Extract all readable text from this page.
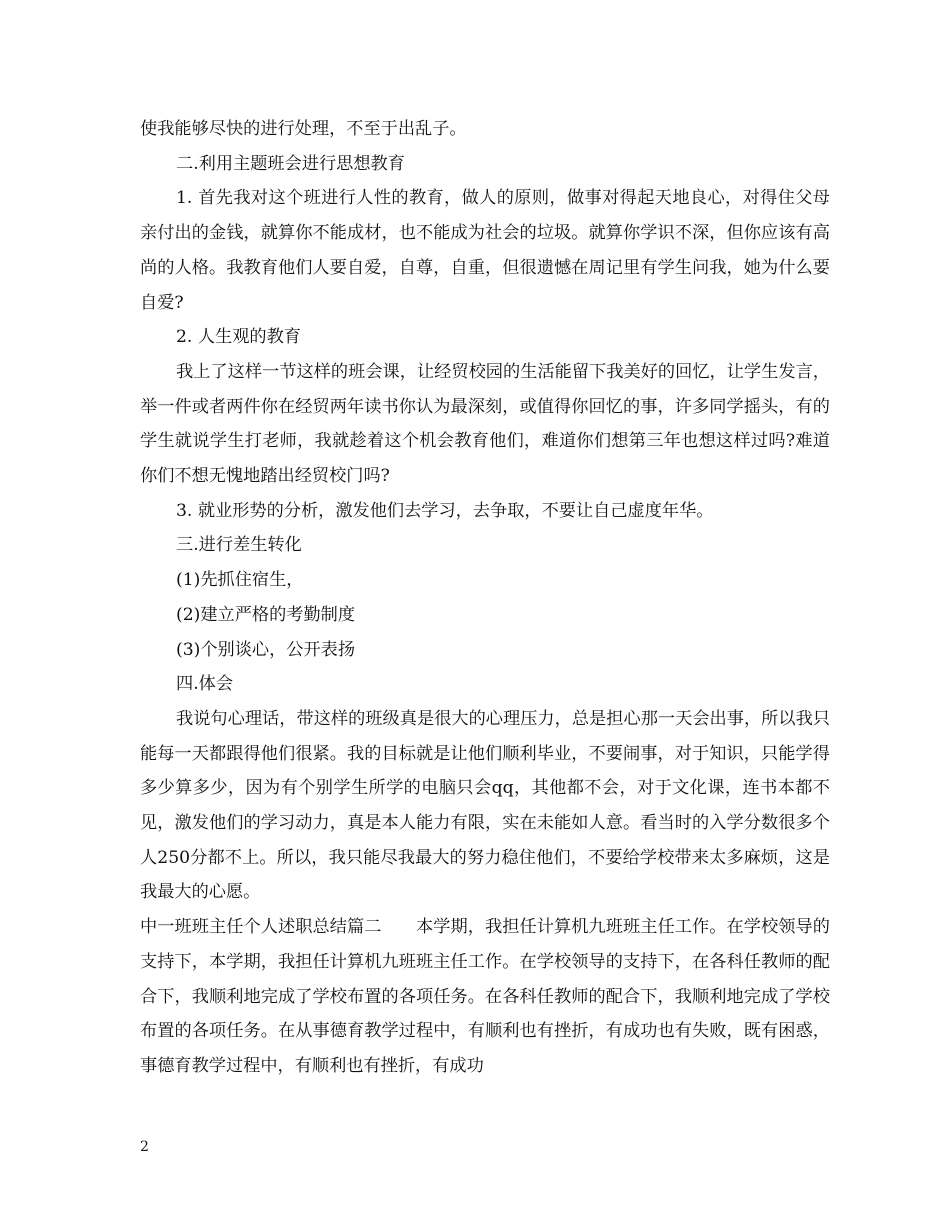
使我能够尽快的进行处理，不至于出乱子。

二.利用主题班会进行思想教育

1. 首先我对这个班进行人性的教育，做人的原则，做事对得起天地良心，对得住父母亲付出的金钱，就算你不能成材，也不能成为社会的垃圾。就算你学识不深，但你应该有高尚的人格。我教育他们人要自爱，自尊，自重，但很遗憾在周记里有学生问我，她为什么要自爱?

2. 人生观的教育

我上了这样一节这样的班会课，让经贸校园的生活能留下我美好的回忆，让学生发言，举一件或者两件你在经贸两年读书你认为最深刻，或值得你回忆的事，许多同学摇头，有的学生就说学生打老师，我就趁着这个机会教育他们，难道你们想第三年也想这样过吗?难道你们不想无愧地踏出经贸校门吗?

3. 就业形势的分析，激发他们去学习，去争取，不要让自己虚度年华。

三.进行差生转化

(1)先抓住宿生，

(2)建立严格的考勤制度

(3)个别谈心，公开表扬

四.体会

我说句心理话，带这样的班级真是很大的心理压力，总是担心那一天会出事，所以我只能每一天都跟得他们很紧。我的目标就是让他们顺利毕业，不要闹事，对于知识，只能学得多少算多少，因为有个别学生所学的电脑只会qq，其他都不会，对于文化课，连书本都不见，激发他们的学习动力，真是本人能力有限，实在未能如人意。看当时的入学分数很多个人250分都不上。所以，我只能尽我最大的努力稳住他们，不要给学校带来太多麻烦，这是我最大的心愿。

中一班班主任个人述职总结篇二　　本学期，我担任计算机九班班主任工作。在学校领导的支持下，本学期，我担任计算机九班班主任工作。在学校领导的支持下，在各科任教师的配合下，我顺利地完成了学校布置的各项任务。在各科任教师的配合下，我顺利地完成了学校布置的各项任务。在从事德育教学过程中，有顺利也有挫折，有成功也有失败，既有困惑，事德育教学过程中，有顺利也有挫折，有成功

2
